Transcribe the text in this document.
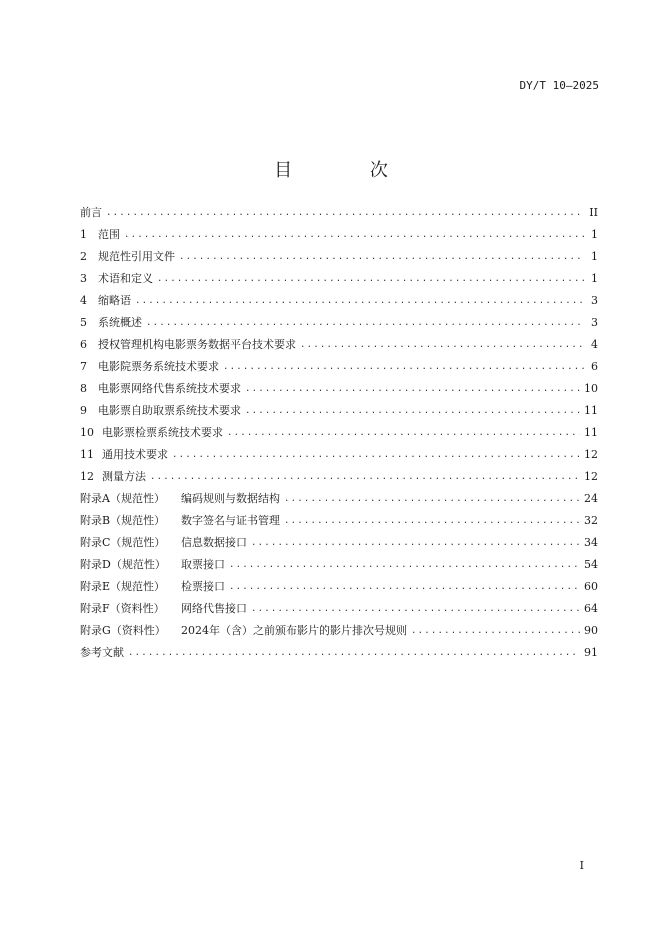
DY/T 10—2025
目 次
前言 .....	II
1	范围 .....	1
2	规范性引用文件 .....	1
3	术语和定义 .....	1
4	缩略语 .....	3
5	系统概述 .....	3
6	授权管理机构电影票务数据平台技术要求 .....	4
7	电影院票务系统技术要求 .....	6
8	电影票网络代售系统技术要求 .....	10
9	电影票自助取票系统技术要求 .....	11
10 电影票检票系统技术要求 .....	11
11 通用技术要求 .....	12
12 测量方法 .....	12
附录A（规范性）	编码规则与数据结构 .....	24
附录B（规范性）	数字签名与证书管理 .....	32
附录C（规范性）	信息数据接口 .....	34
附录D（规范性）	取票接口 .....	54
附录E（规范性）	检票接口 .....	60
附录F（资料性）	网络代售接口 .....	64
附录G（资料性）	2024年（含）之前颁布影片的影片排次号规则 .....	90
参考文献 .....	91
I
